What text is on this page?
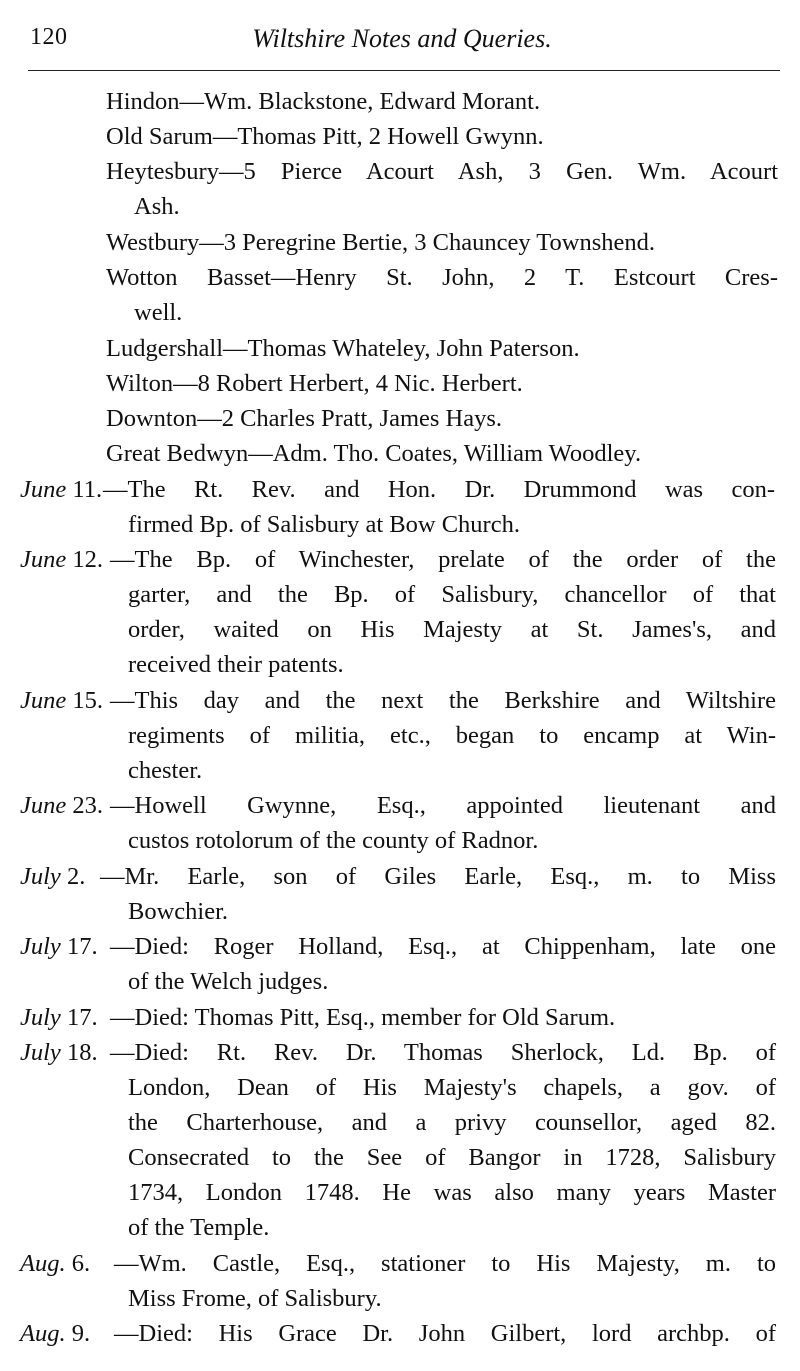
120	Wiltshire Notes and Queries.
Hindon—Wm. Blackstone, Edward Morant.
Old Sarum—Thomas Pitt, 2 Howell Gwynn.
Heytesbury—5 Pierce Acourt Ash, 3 Gen. Wm. Acourt
Ash.
Westbury—3 Peregrine Bertie, 3 Chauncey Townshend.
Wotton Basset—Henry St. John, 2 T. Estcourt Cres-
well.
Ludgershall—Thomas Whateley, John Paterson.
Wilton—8 Robert Herbert, 4 Nic. Herbert.
Downton—2 Charles Pratt, James Hays.
Great Bedwyn—Adm. Tho. Coates, William Woodley.
June 11. —The Rt. Rev. and Hon. Dr. Drummond was con-
firmed Bp. of Salisbury at Bow Church.
June 12. —The Bp. of Winchester, prelate of the order of the
garter, and the Bp. of Salisbury, chancellor of that
order, waited on His Majesty at St. James's, and
received their patents.
June 15. —This day and the next the Berkshire and Wiltshire
regiments of militia, etc., began to encamp at Win-
chester.
June 23. —Howell Gwynne, Esq., appointed lieutenant and
custos rotolorum of the county of Radnor.
July 2. —Mr. Earle, son of Giles Earle, Esq., m. to Miss
Bowchier.
July 17. —Died: Roger Holland, Esq., at Chippenham, late one
of the Welch judges.
July 17. —Died: Thomas Pitt, Esq., member for Old Sarum.
July 18. —Died: Rt. Rev. Dr. Thomas Sherlock, Ld. Bp. of
London, Dean of His Majesty's chapels, a gov. of
the Charterhouse, and a privy counsellor, aged 82.
Consecrated to the See of Bangor in 1728, Salisbury
1734, London 1748. He was also many years Master
of the Temple.
Aug. 6. —Wm. Castle, Esq., stationer to His Majesty, m. to
Miss Frome, of Salisbury.
Aug. 9. —Died: His Grace Dr. John Gilbert, lord archbp. of
